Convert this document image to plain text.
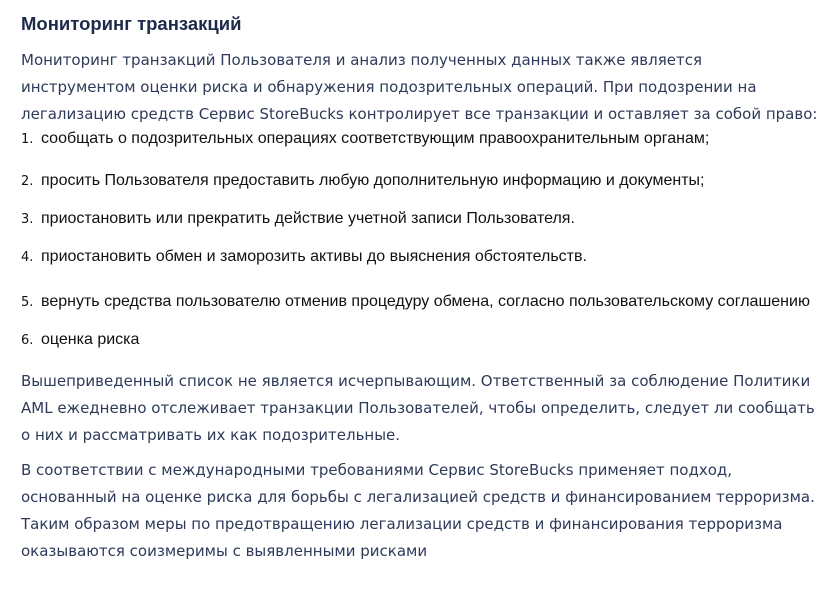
Мониторинг транзакций

Мониторинг транзакций Пользователя и анализ полученных данных также является инструментом оценки риска и обнаружения подозрительных операций. При подозрении на легализацию средств Сервис StoreBucks контролирует все транзакции и оставляет за собой право:

1. сообщать о подозрительных операциях соответствующим правоохранительным органам;
2. просить Пользователя предоставить любую дополнительную информацию и документы;
3. приостановить или прекратить действие учетной записи Пользователя.
4. приостановить обмен и заморозить активы до выяснения обстоятельств.
5. вернуть средства пользователю отменив процедуру обмена, согласно пользовательскому соглашению
6. оценка риска

Вышеприведенный список не является исчерпывающим. Ответственный за соблюдение Политики AML ежедневно отслеживает транзакции Пользователей, чтобы определить, следует ли сообщать о них и рассматривать их как подозрительные.

В соответствии с международными требованиями Сервис StoreBucks применяет подход, основанный на оценке риска для борьбы с легализацией средств и финансированием терроризма. Таким образом меры по предотвращению легализации средств и финансирования терроризма оказываются соизмеримы с выявленными рисками
